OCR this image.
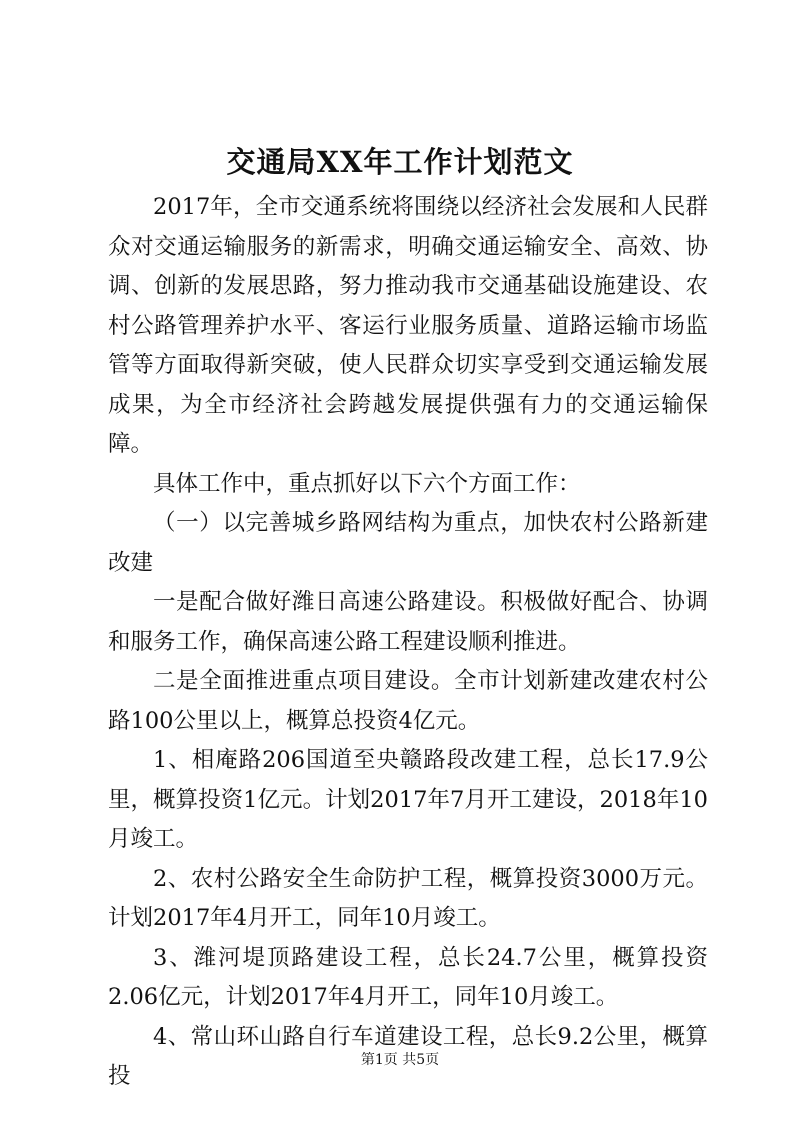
交通局XX年工作计划范文

2017年，全市交通系统将围绕以经济社会发展和人民群众对交通运输服务的新需求，明确交通运输安全、高效、协调、创新的发展思路，努力推动我市交通基础设施建设、农村公路管理养护水平、客运行业服务质量、道路运输市场监管等方面取得新突破，使人民群众切实享受到交通运输发展成果，为全市经济社会跨越发展提供强有力的交通运输保障。

具体工作中，重点抓好以下六个方面工作：

（一）以完善城乡路网结构为重点，加快农村公路新建改建

一是配合做好潍日高速公路建设。积极做好配合、协调和服务工作，确保高速公路工程建设顺利推进。

二是全面推进重点项目建设。全市计划新建改建农村公路100公里以上，概算总投资4亿元。

1、相庵路206国道至央赣路段改建工程，总长17.9公里，概算投资1亿元。计划2017年7月开工建设，2018年10月竣工。

2、农村公路安全生命防护工程，概算投资3000万元。计划2017年4月开工，同年10月竣工。

3、潍河堤顶路建设工程，总长24.7公里，概算投资2.06亿元，计划2017年4月开工，同年10月竣工。

4、常山环山路自行车道建设工程，总长9.2公里，概算投

第1页 共5页
